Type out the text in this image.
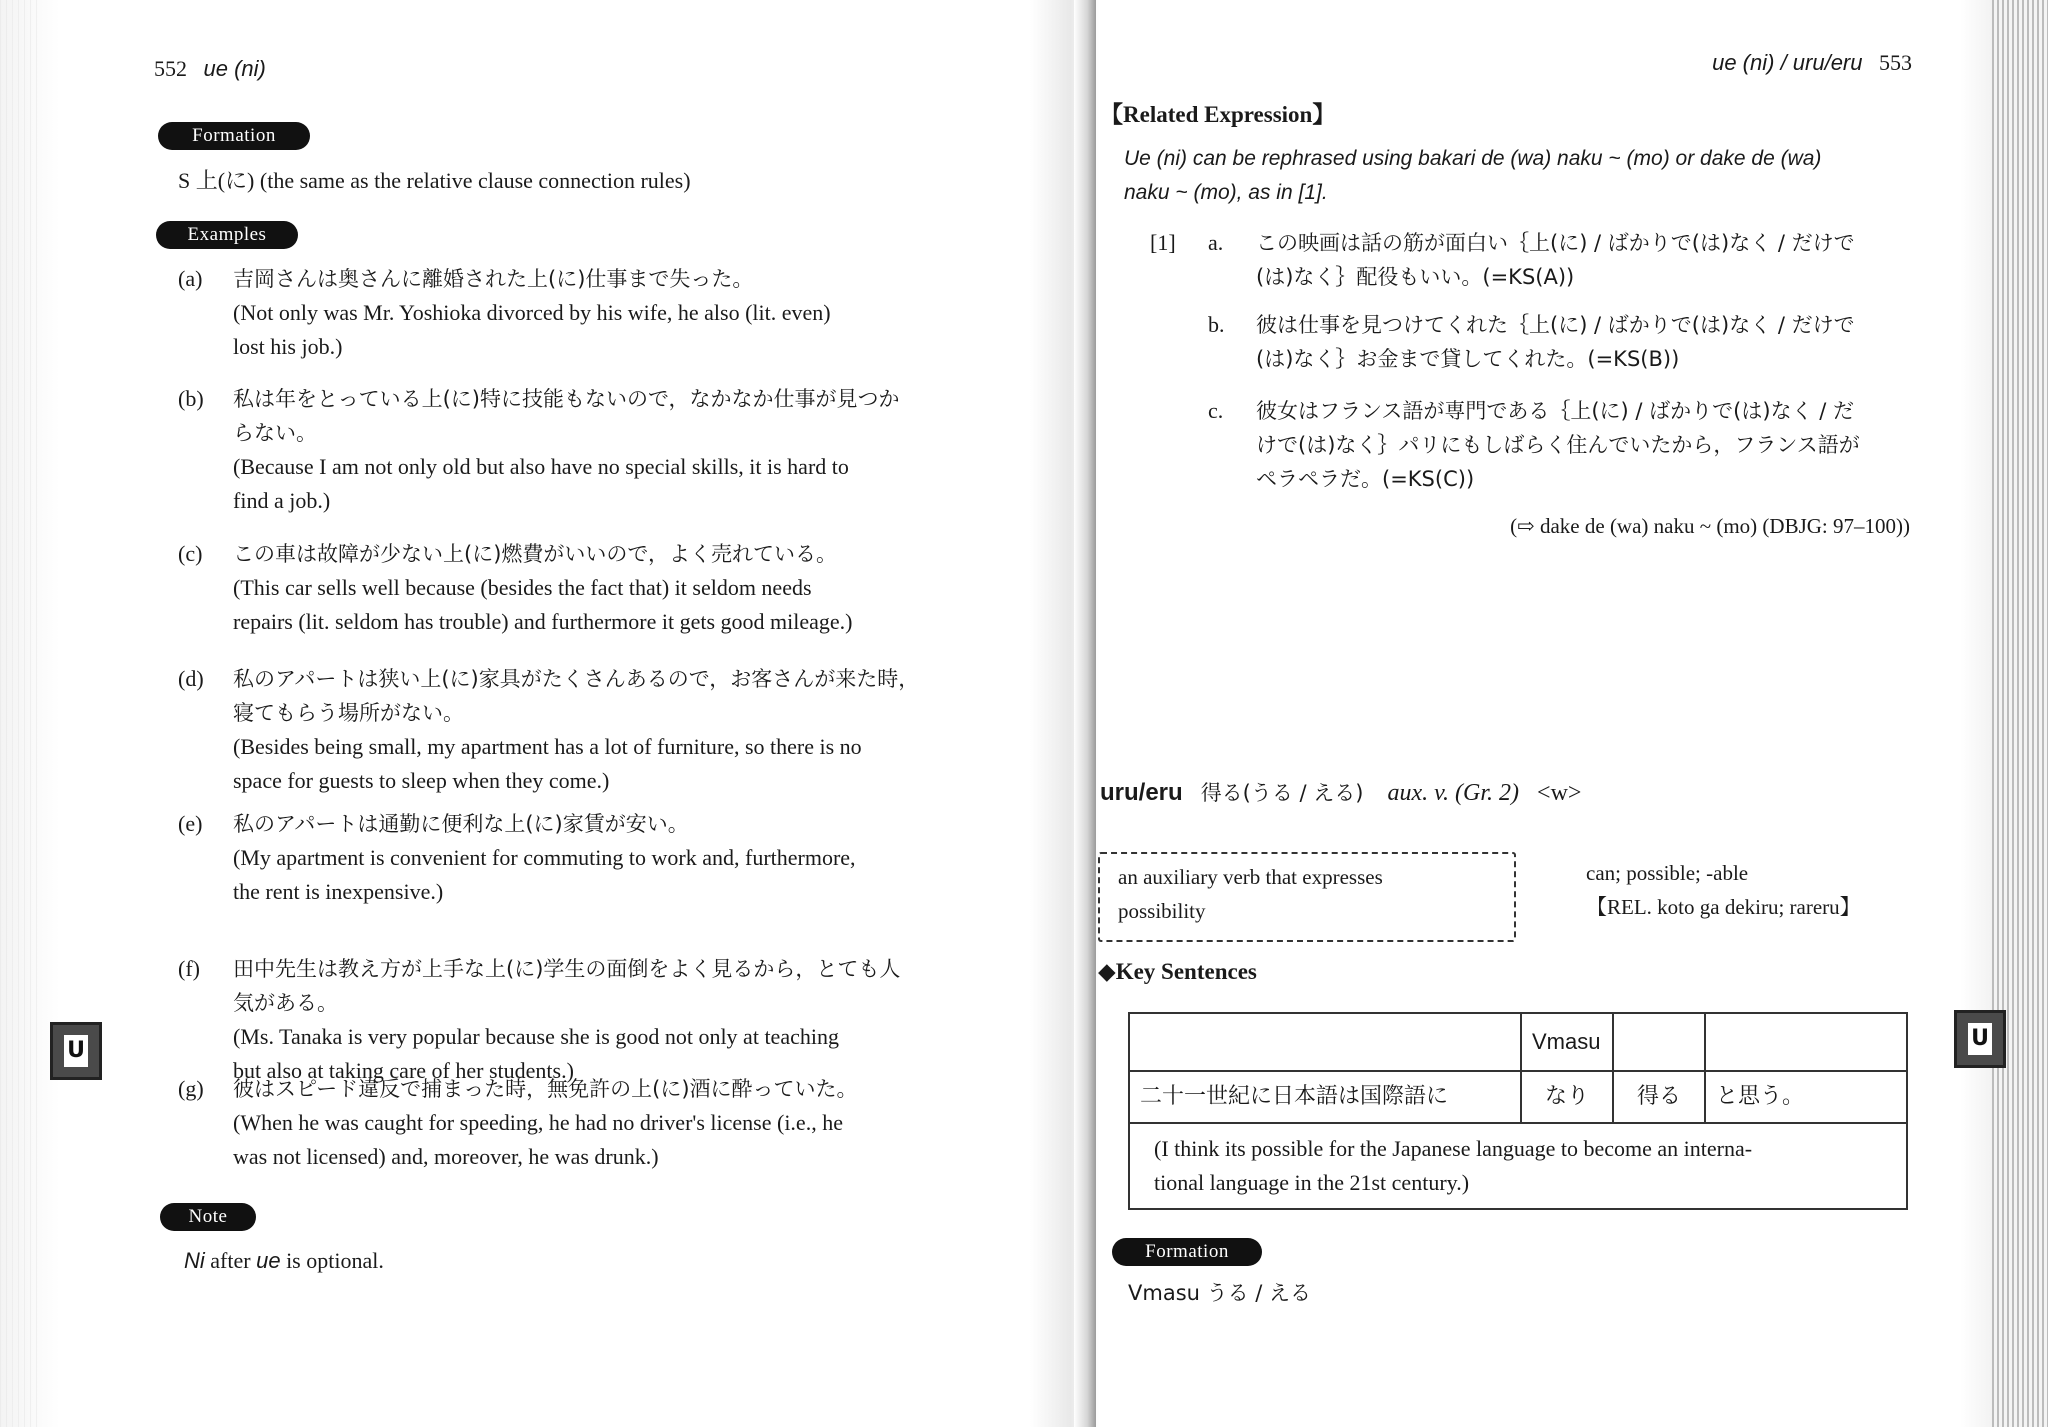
552 ue (ni)
Formation
S 上(に) (the same as the relative clause connection rules)
Examples
(a) 吉岡さんは奥さんに離婚された上(に)仕事まで失った。
(Not only was Mr. Yoshioka divorced by his wife, he also (lit. even)
lost his job.)
(b) 私は年をとっている上(に)特に技能もないので，なかなか仕事が見つか
らない。
(Because I am not only old but also have no special skills, it is hard to
find a job.)
(c) この車は故障が少ない上(に)燃費がいいので，よく売れている。
(This car sells well because (besides the fact that) it seldom needs
repairs (lit. seldom has trouble) and furthermore it gets good mileage.)
(d) 私のアパートは狭い上(に)家具がたくさんあるので，お客さんが来た時，
寝てもらう場所がない。
(Besides being small, my apartment has a lot of furniture, so there is no
space for guests to sleep when they come.)
(e) 私のアパートは通勤に便利な上(に)家賃が安い。
(My apartment is convenient for commuting to work and, furthermore,
the rent is inexpensive.)
(f) 田中先生は教え方が上手な上(に)学生の面倒をよく見るから，とても人
気がある。
(Ms. Tanaka is very popular because she is good not only at teaching
but also at taking care of her students.)
(g) 彼はスピード違反で捕まった時，無免許の上(に)酒に酔っていた。
(When he was caught for speeding, he had no driver's license (i.e., he
was not licensed) and, moreover, he was drunk.)
Note
Ni after ue is optional.
U
ue (ni) / uru/eru 553
【Related Expression】
Ue (ni) can be rephrased using bakari de (wa) naku ~ (mo) or dake de (wa)
naku ~ (mo), as in [1].
[1] a. この映画は話の筋が面白い｛上(に) / ばかりで(は)なく / だけで
(は)なく｝配役もいい。(=KS(A))
b. 彼は仕事を見つけてくれた｛上(に) / ばかりで(は)なく / だけで
(は)なく｝お金まで貸してくれた。(=KS(B))
c. 彼女はフランス語が専門である｛上(に) / ばかりで(は)なく / だ
けで(は)なく｝パリにもしばらく住んでいたから，フランス語が
ペラペラだ。(=KS(C))
(⇨ dake de (wa) naku ~ (mo) (DBJG: 97–100))
uru/eru 得る(うる / える) aux. v. (Gr. 2) <w>
an auxiliary verb that expresses
possibility
can; possible; -able
【REL. koto ga dekiru; rareru】
◆Key Sentences
	Vmasu		
二十一世紀に日本語は国際語に	なり	得る	と思う。

(I think its possible for the Japanese language to become an interna-
tional language in the 21st century.)			
Formation
Vmasu うる / える
U
